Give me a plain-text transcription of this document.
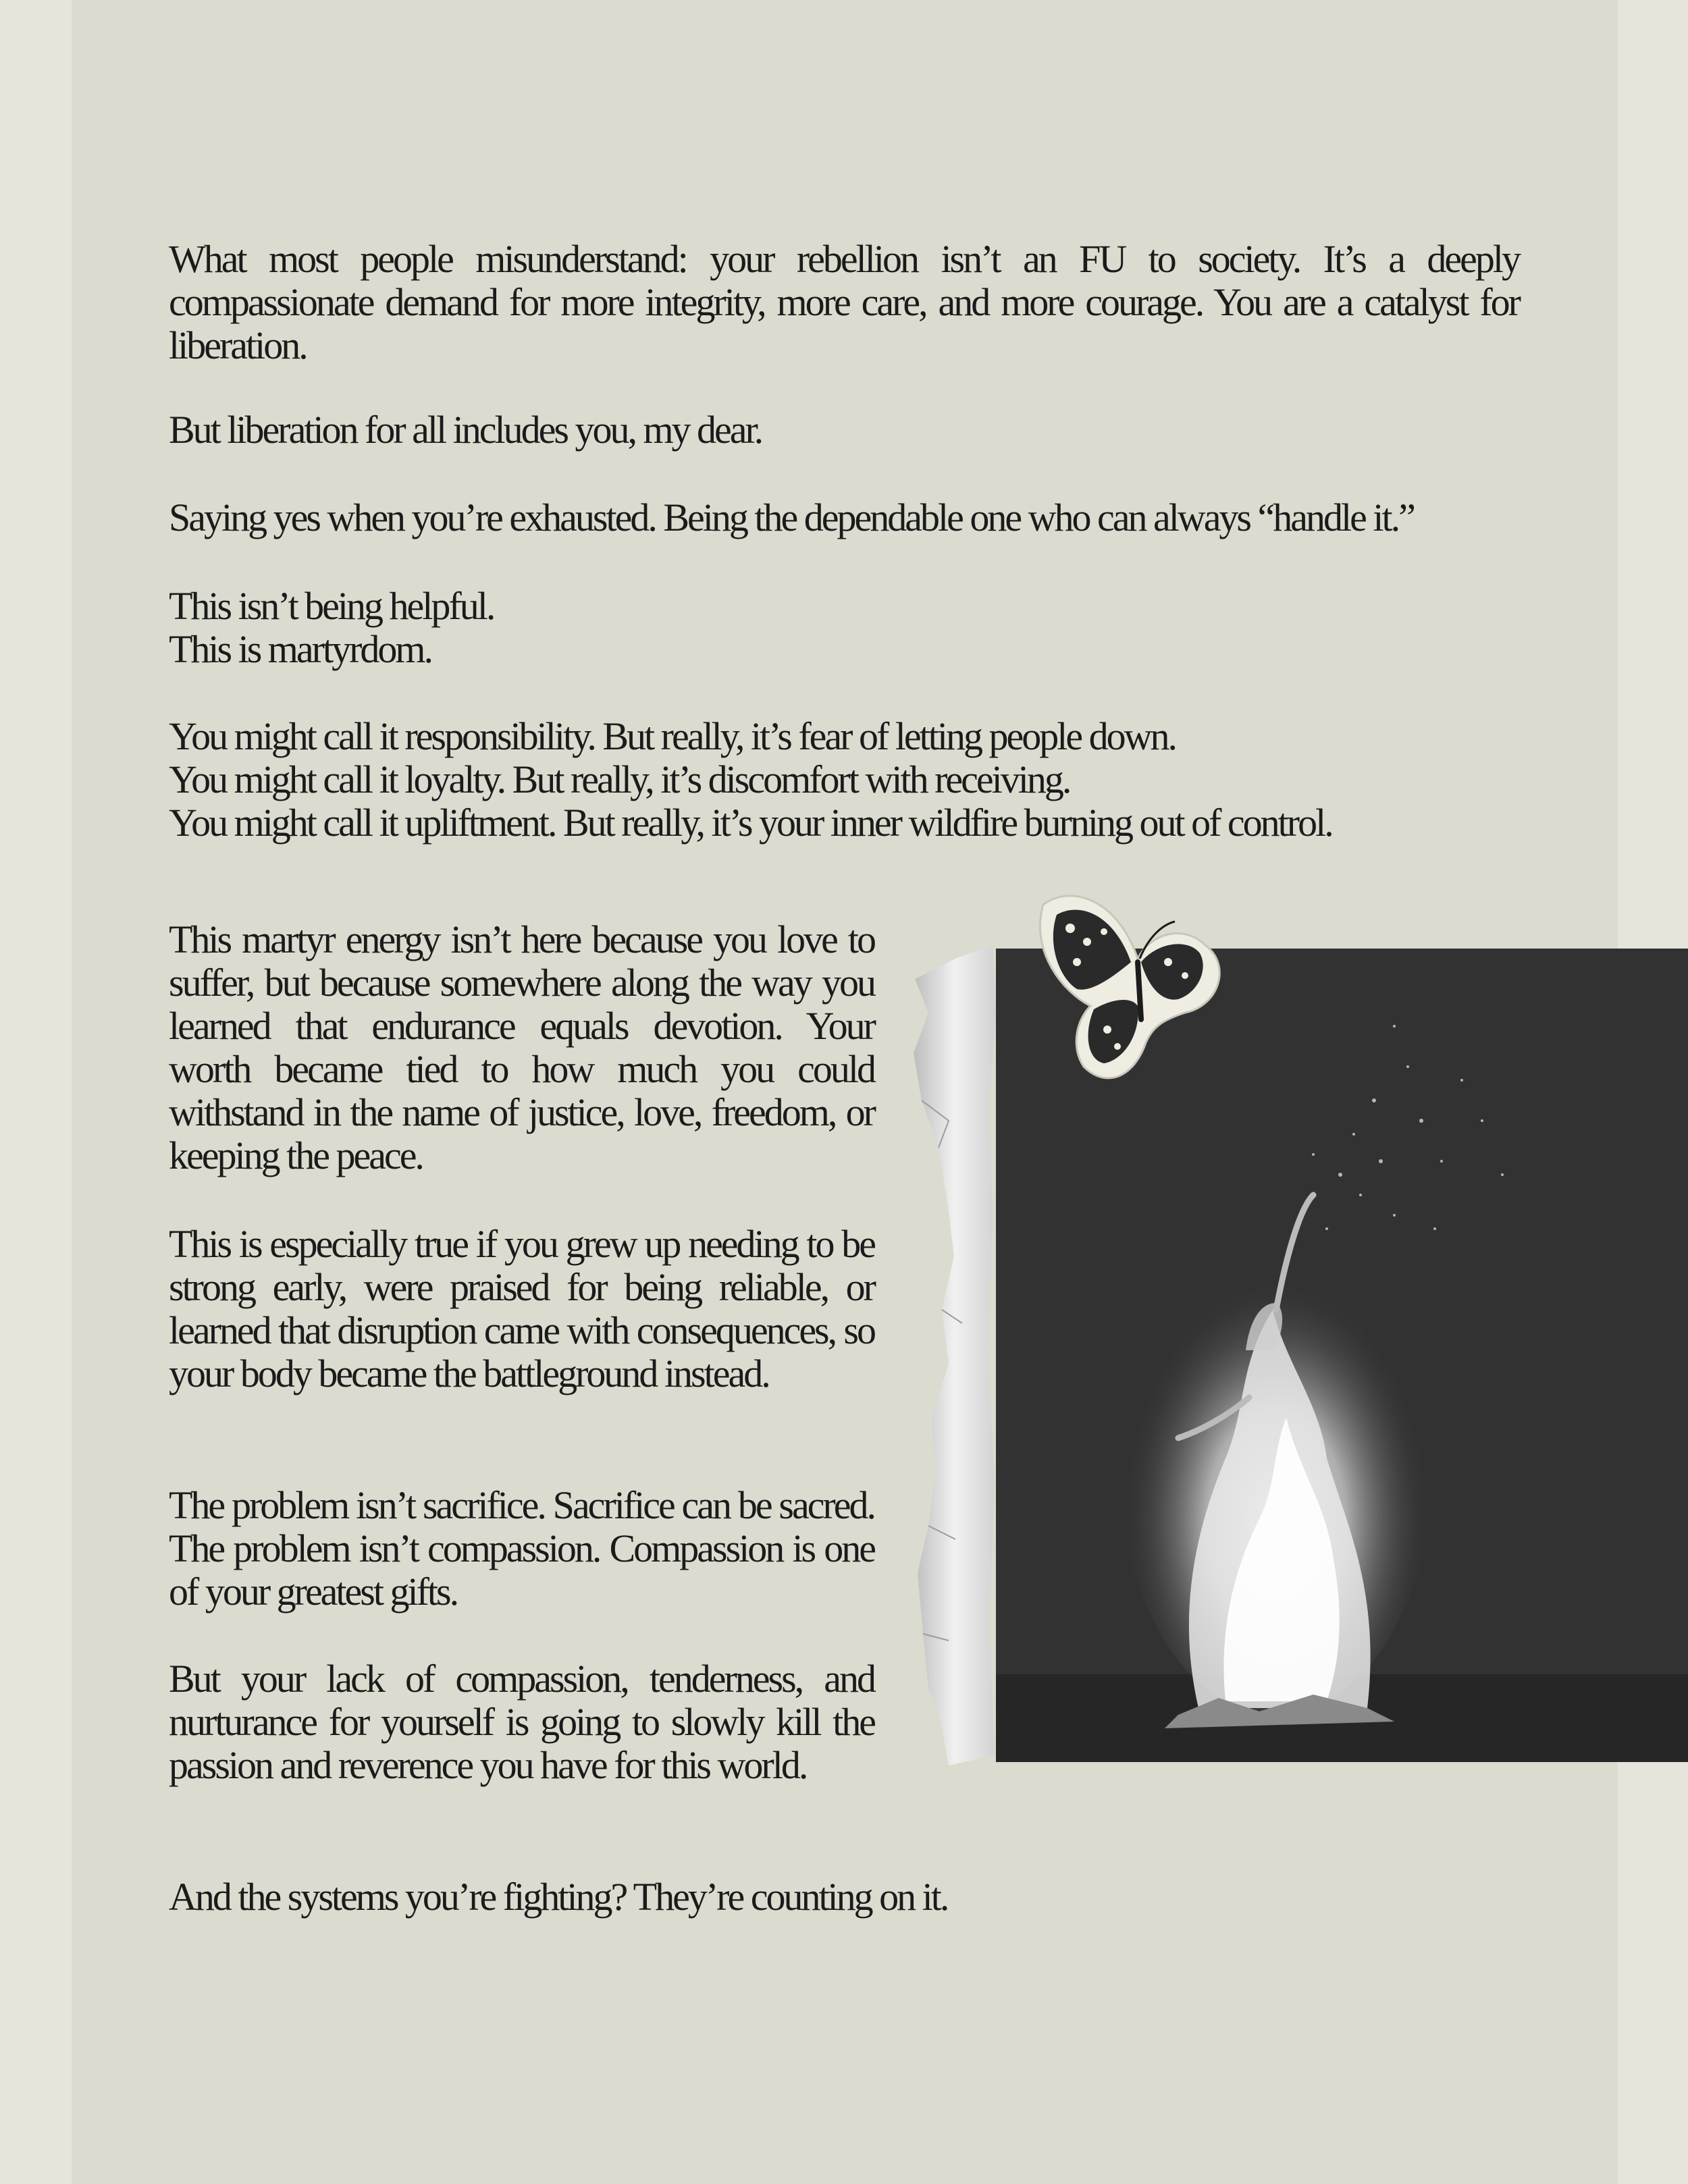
What most people misunderstand: your rebellion isn’t an FU to society. It’s a deeply compassionate demand for more integrity, more care, and more courage. You are a catalyst for liberation.

But liberation for all includes you, my dear.

Saying yes when you’re exhausted. Being the dependable one who can always “handle it.”

This isn’t being helpful.
This is martyrdom.

You might call it responsibility. But really, it’s fear of letting people down.
You might call it loyalty. But really, it’s discomfort with receiving.
You might call it upliftment. But really, it’s your inner wildfire burning out of control.

This martyr energy isn’t here because you love to suffer, but because somewhere along the way you learned that endurance equals devotion. Your worth became tied to how much you could withstand in the name of justice, love, freedom, or keeping the peace.

This is especially true if you grew up needing to be strong early, were praised for being reliable, or learned that disruption came with consequences, so your body became the battleground instead.

The problem isn’t sacrifice. Sacrifice can be sacred. The problem isn’t compassion. Compassion is one of your greatest gifts.

But your lack of compassion, tenderness, and nurturance for yourself is going to slowly kill the passion and reverence you have for this world.

And the systems you’re fighting? They’re counting on it.
